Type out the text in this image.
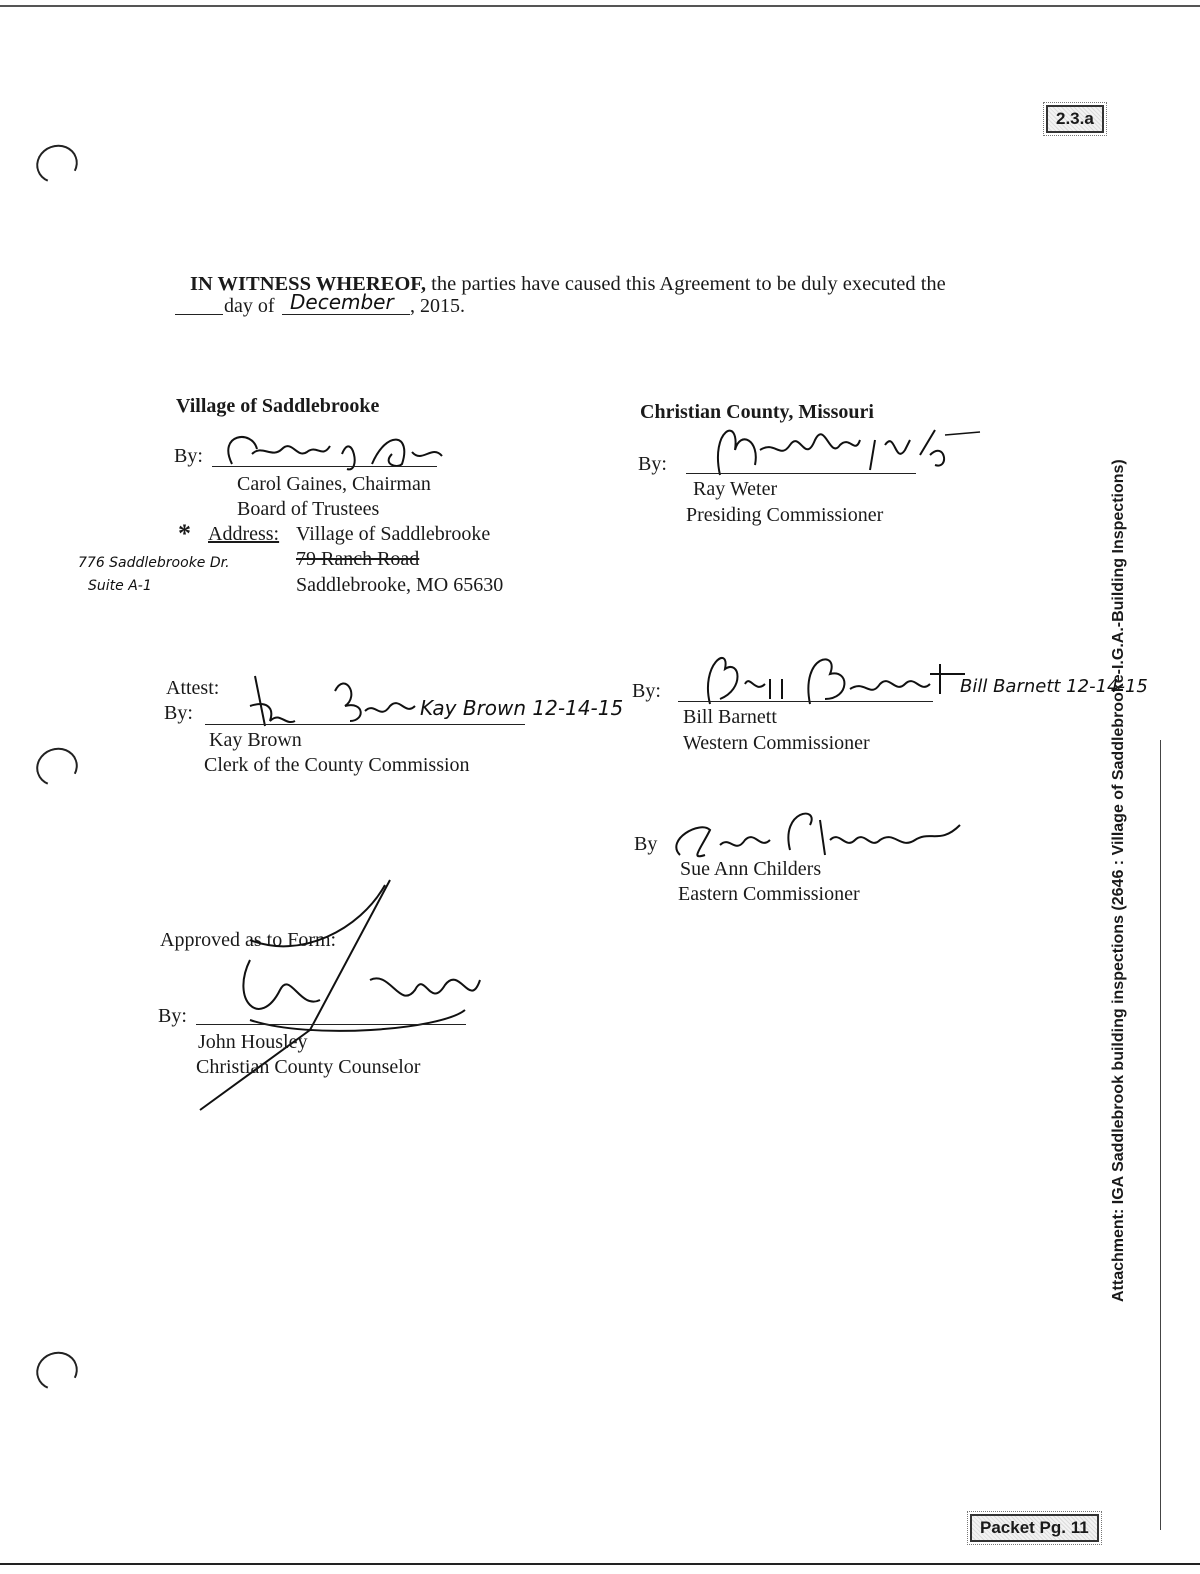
2.3.a
Attachment: IGA Saddlebrook building inspections (2646 : Village of Saddlebrooke-I.G.A.-Building Inspections)
IN WITNESS WHEREOF, the parties have caused this Agreement to be duly executed the
day of December , 2015.
Village of Saddlebrooke
By:
Carol Gaines, Chairman
Board of Trustees
* Address: Village of Saddlebrooke
79 Ranch Road
Saddlebrooke, MO 65630
776 Saddlebrooke Dr.
Suite A-1
Christian County, Missouri
By:
Ray Weter
Presiding Commissioner
Attest:
By:	Kay Brown 12-14-15
Kay Brown
Clerk of the County Commission
By:	Bill Barnett 12-14-15
Bill Barnett
Western Commissioner
By
Sue Ann Childers
Eastern Commissioner
Approved as to Form:
By:
John Housley
Christian County Counselor
Packet Pg. 11
